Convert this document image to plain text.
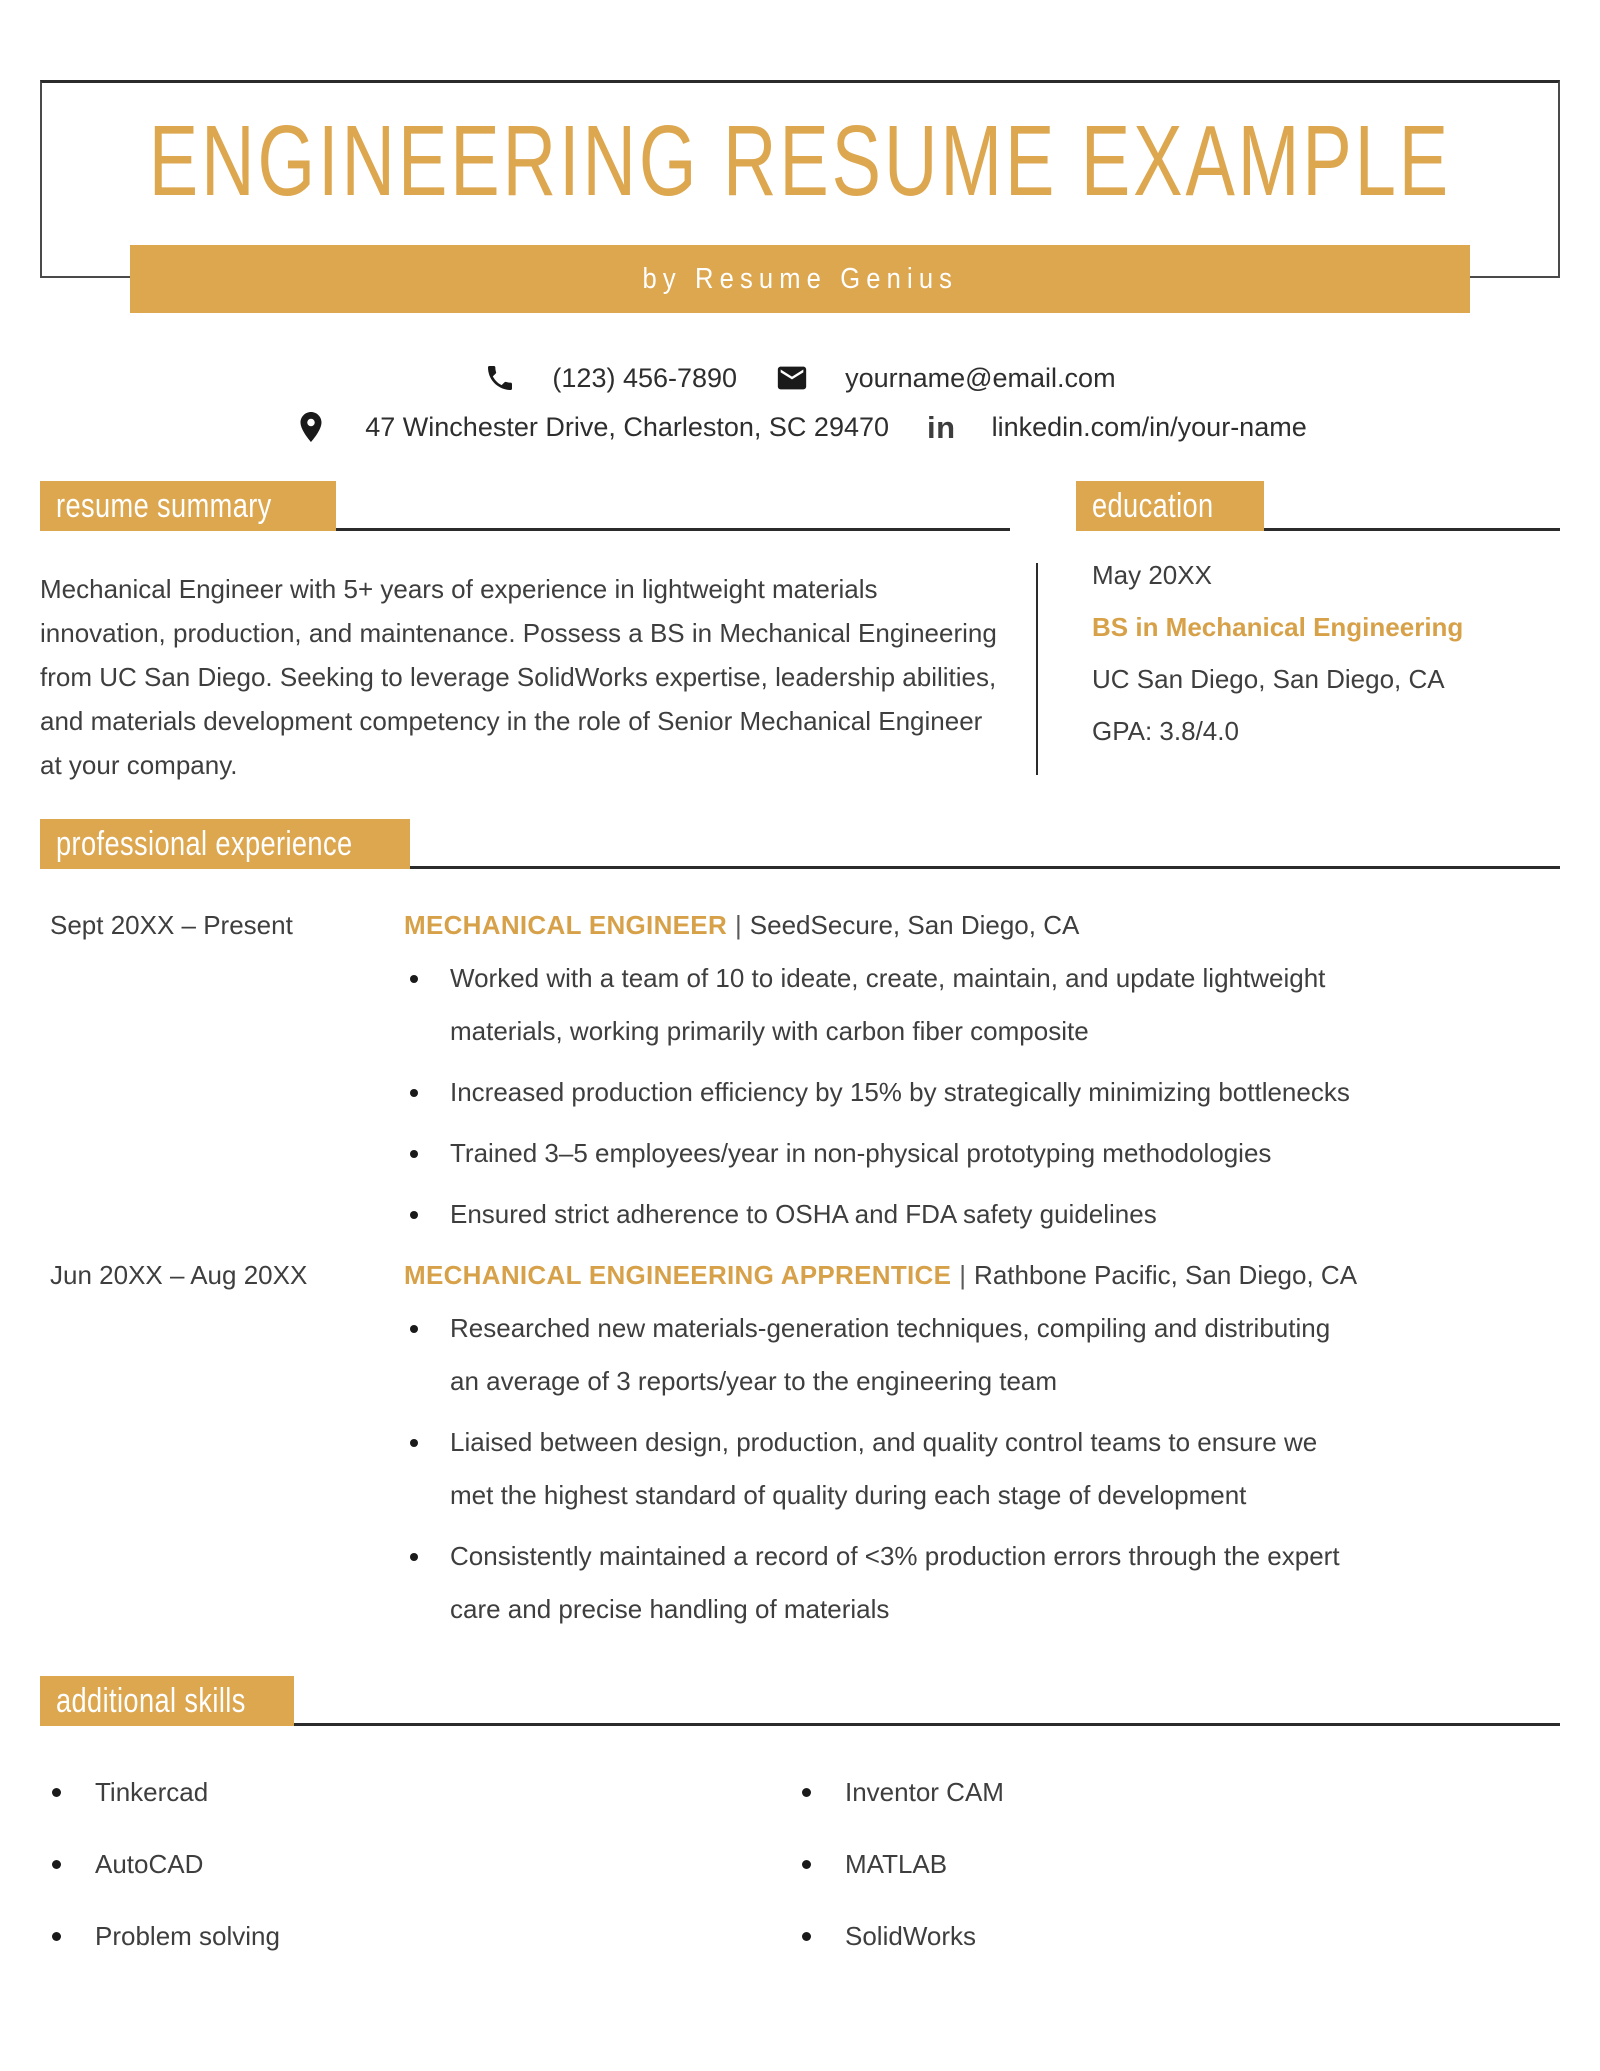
ENGINEERING RESUME EXAMPLE
by Resume Genius
(123) 456-7890	yourname@email.com
47 Winchester Drive, Charleston, SC 29470 in linkedin.com/in/your-name
resume summary

Mechanical Engineer with 5+ years of experience in lightweight materials innovation, production, and maintenance. Possess a BS in Mechanical Engineering from UC San Diego. Seeking to leverage SolidWorks expertise, leadership abilities, and materials development competency in the role of Senior Mechanical Engineer at your company.

education
May 20XX
BS in Mechanical Engineering
UC San Diego, San Diego, CA
GPA: 3.8/4.0
professional experience
Sept 20XX – Present	MECHANICAL ENGINEER | SeedSecure, San Diego, CA
Worked with a team of 10 to ideate, create, maintain, and update lightweight materials, working primarily with carbon fiber composite
Increased production efficiency by 15% by strategically minimizing bottlenecks
Trained 3–5 employees/year in non-physical prototyping methodologies
Ensured strict adherence to OSHA and FDA safety guidelines
Jun 20XX – Aug 20XX	MECHANICAL ENGINEERING APPRENTICE | Rathbone Pacific, San Diego, CA
Researched new materials-generation techniques, compiling and distributing an average of 3 reports/year to the engineering team
Liaised between design, production, and quality control teams to ensure we met the highest standard of quality during each stage of development
Consistently maintained a record of <3% production errors through the expert care and precise handling of materials
additional skills
Tinkercad
AutoCAD
Problem solving
Inventor CAM
MATLAB
SolidWorks
